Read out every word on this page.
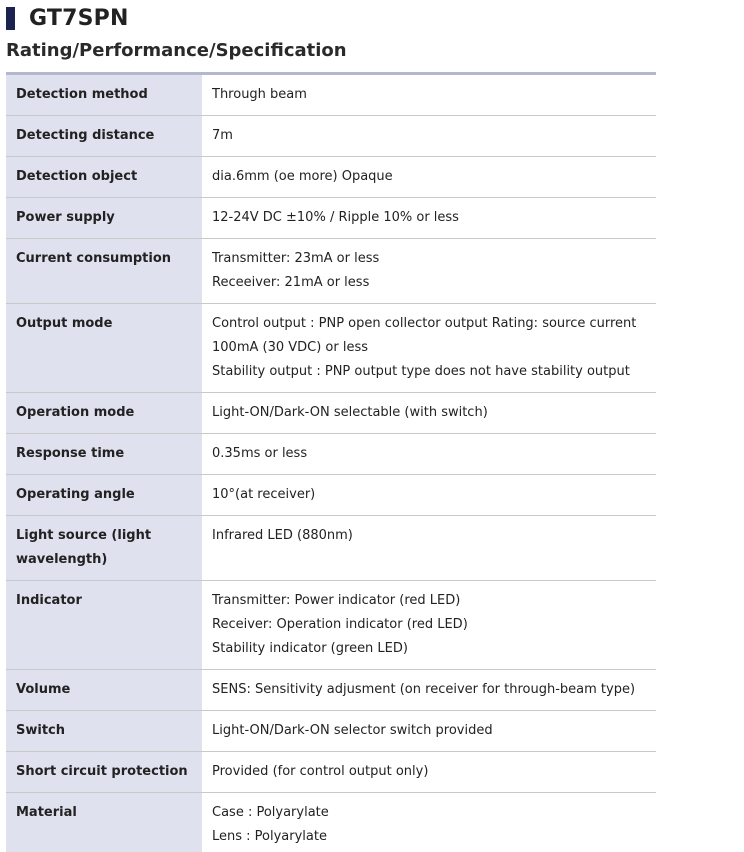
GT7SPN
Rating/Performance/Specification
Detection method	Through beam

Detecting distance	7m

Detection object	dia.6mm (oe more) Opaque

Power supply	12-24V DC ±10% / Ripple 10% or less

Current consumption	Transmitter: 23mA or less
Receeiver: 21mA or less

Output mode	Control output : PNP open collector output Rating: source current 100mA (30 VDC) or less
Stability output : PNP output type does not have stability output

Operation mode	Light-ON/Dark-ON selectable (with switch)

Response time	0.35ms or less

Operating angle	10°(at receiver)

Light source (light wavelength)	Infrared LED (880nm)

Indicator	Transmitter: Power indicator (red LED)
Receiver: Operation indicator (red LED)
Stability indicator (green LED)

Volume	SENS: Sensitivity adjusment (on receiver for through-beam type)

Switch	Light-ON/Dark-ON selector switch provided

Short circuit protection	Provided (for control output only)

Material	Case : Polyarylate
Lens : Polyarylate
